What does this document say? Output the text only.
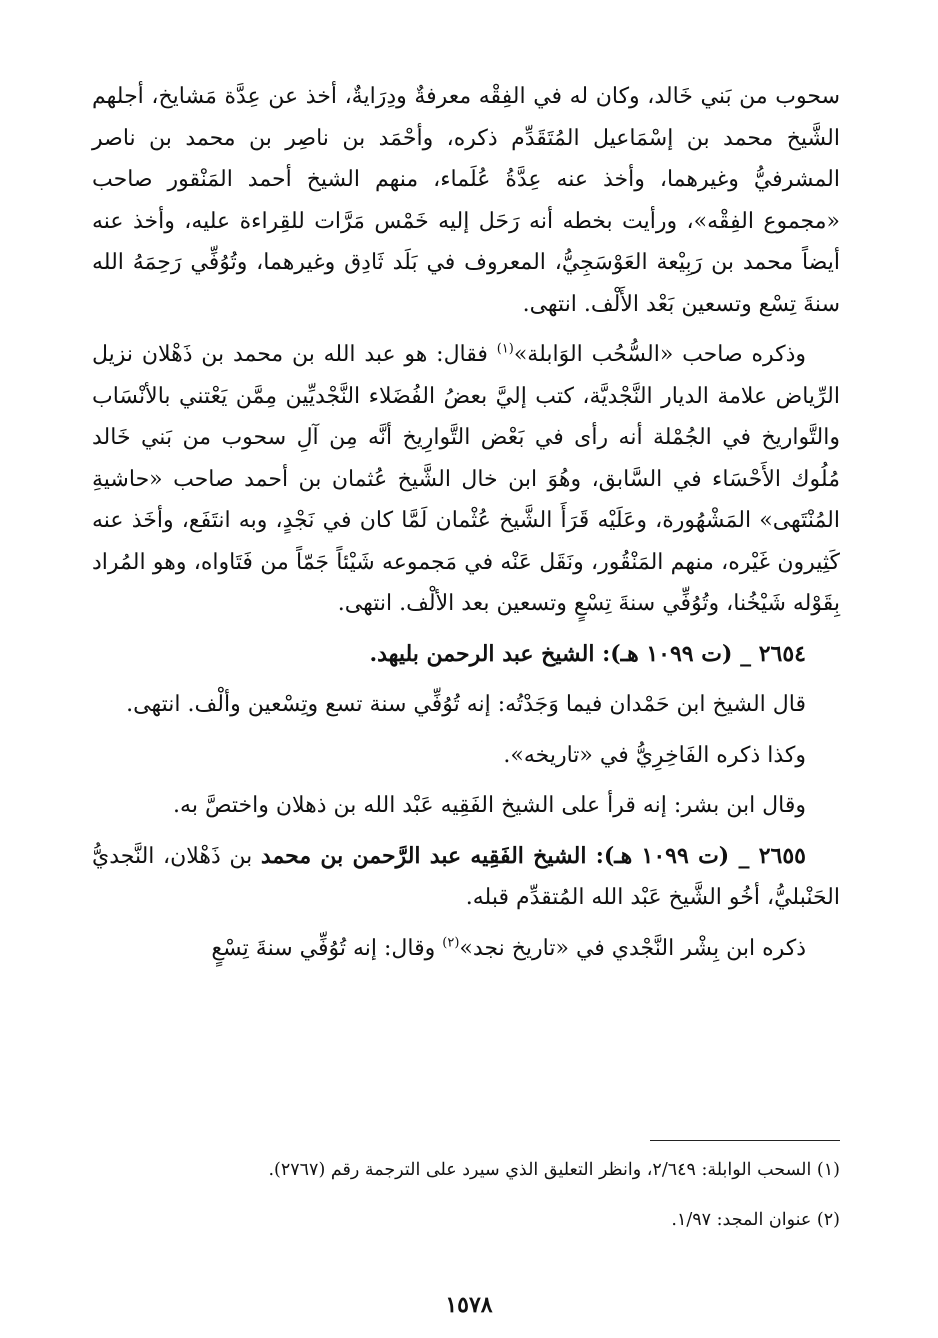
سحوب من بَني خَالد، وكان له في الفِقْه معرفةٌ ودِرَايةٌ، أخذ عن عِدَّة مَشايخ، أجلهم الشَّيخ محمد بن إسْمَاعيل المُتَقَدِّم ذكره، وأحْمَد بن ناصِر بن محمد بن ناصر المشرفيُّ وغيرهما، وأخذ عنه عِدَّةُ عُلَماء، منهم الشيخ أحمد المَنْقور صاحب «مجموع الفِقْه»، ورأيت بخطه أنه رَحَل إليه خَمْس مَرَّات للقِراءة عليه، وأخذ عنه أيضاً محمد بن رَبِيْعة العَوْسَجِيُّ، المعروف في بَلَد ثَادِق وغيرهما، وتُوُفِّي رَحِمَهُ الله سنةَ تِسْع وتسعين بَعْد الأَلْف. انتهى.

وذكره صاحب «السُّحُب الوَابلة»$^{(١)}$ فقال: هو عبد الله بن محمد بن ذَهْلان نزيل الرِّياض علامة الديار النَّجْديَّة، كتب إليَّ بعضُ الفُضَلاء النَّجْديِّين مِمَّن يَعْتني بالأنْسَاب والتَّواريخ في الجُمْلة أنه رأى في بَعْض التَّوارِيخ أنَّه مِن آلِ سحوب من بَني خَالد مُلُوك الأَحْسَاء في السَّابق، وهُوَ ابن خال الشَّيخ عُثمان بن أحمد صاحب «حاشيةِ المُنْتَهى» المَشْهُورة، وعَلَيْه قَرَأَ الشَّيخ عُثْمان لَمَّا كان في نَجْدٍ، وبه انتَفَع، وأخَذ عنه كَثِيرون غَيْره، منهم المَنْقُور، ونَقَل عَنْه في مَجموعه شَيْئاً جَمّاً من فَتَاواه، وهو المُراد بِقَوْله شَيْخُنا، وتُوُفِّي سنةَ تِسْعٍ وتسعين بعد الألْف. انتهى.

٢٦٥٤ _ (ت ١٠٩٩ هـ): الشيخ عبد الرحمن بليهد.

قال الشيخ ابن حَمْدان فيما وَجَدْتُه: إنه تُوُفِّي سنة تسع وتِسْعين وألْف. انتهى.

وكذا ذكره الفَاخِرِيُّ في «تاريخه».

وقال ابن بشر: إنه قرأ على الشيخ الفَقِيه عَبْد الله بن ذهلان واختصَّ به.

٢٦٥٥ _ (ت ١٠٩٩ هـ): الشيخ الفَقِيه عبد الرَّحمن بن محمد بن ذَهْلان، النَّجديُّ الحَنْبليُّ، أخُو الشَّيخ عَبْد الله المُتقدِّم قبله.

ذكره ابن بِشْر النَّجْدي في «تاريخ نجد»$^{(٢)}$ وقال: إنه تُوُفِّي سنةَ تِسْعٍ

(١) السحب الوابلة: ٢/٦٤٩، وانظر التعليق الذي سيرد على الترجمة رقم (٢٧٦٧).

(٢) عنوان المجد: ١/٩٧.

١٥٧٨
